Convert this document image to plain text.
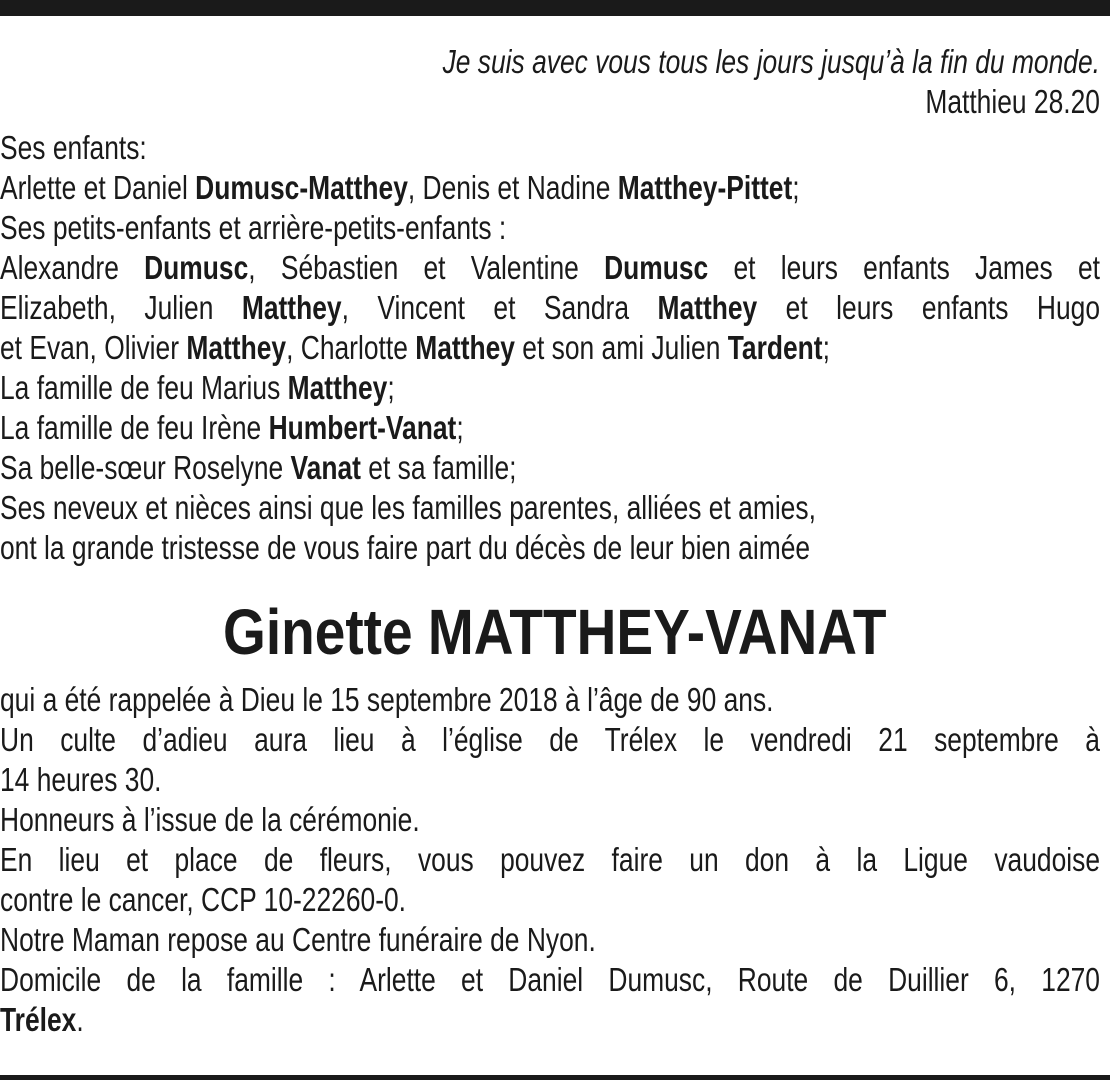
Je suis avec vous tous les jours jusqu’à la fin du monde.
Matthieu 28.20
Ses enfants:
Arlette et Daniel Dumusc-Matthey, Denis et Nadine Matthey-Pittet;
Ses petits-enfants et arrière-petits-enfants :
Alexandre Dumusc, Sébastien et Valentine Dumusc et leurs enfants James et
Elizabeth, Julien Matthey, Vincent et Sandra Matthey et leurs enfants Hugo
et Evan, Olivier Matthey, Charlotte Matthey et son ami Julien Tardent;
La famille de feu Marius Matthey;
La famille de feu Irène Humbert-Vanat;
Sa belle-sœur Roselyne Vanat et sa famille;
Ses neveux et nièces ainsi que les familles parentes, alliées et amies,
ont la grande tristesse de vous faire part du décès de leur bien aimée
Ginette MATTHEY-VANAT
qui a été rappelée à Dieu le 15 septembre 2018 à l’âge de 90 ans.
Un culte d’adieu aura lieu à l’église de Trélex le vendredi 21 septembre à
14 heures 30.
Honneurs à l’issue de la cérémonie.
En lieu et place de fleurs, vous pouvez faire un don à la Ligue vaudoise
contre le cancer, CCP 10-22260-0.
Notre Maman repose au Centre funéraire de Nyon.
Domicile de la famille : Arlette et Daniel Dumusc, Route de Duillier 6, 1270
Trélex.
